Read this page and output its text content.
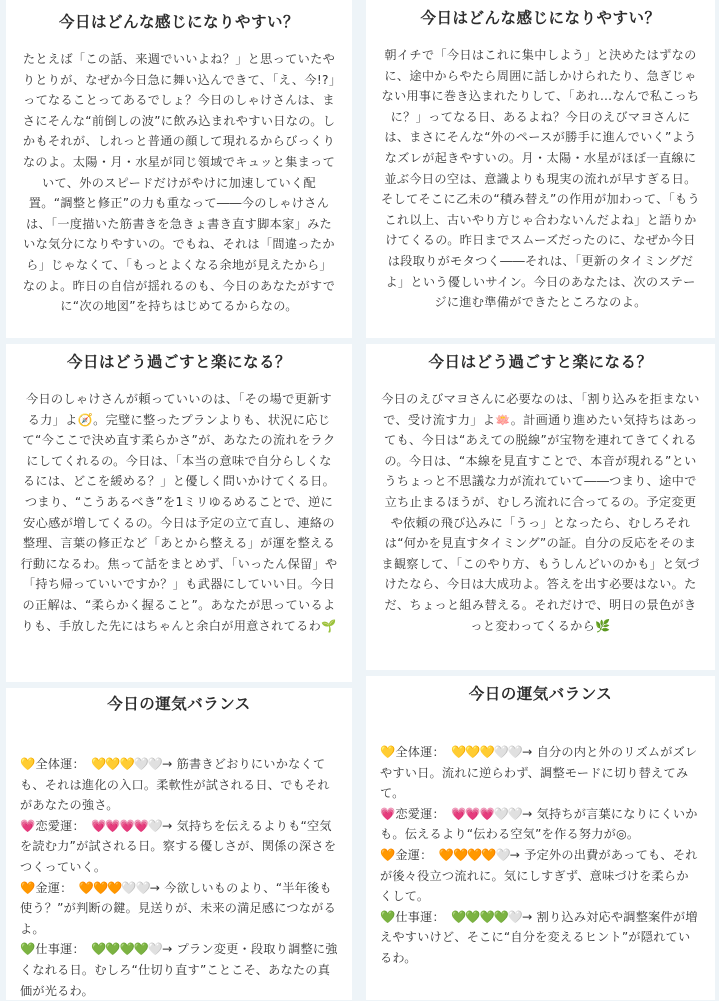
今日はどんな感じになりやすい？

たとえば「この話、来週でいいよね？」と思っていたやりとりが、なぜか今日急に舞い込んできて、「え、今!?」ってなることってあるでしょ？今日のしゃけさんは、まさにそんな“前倒しの波”に飲み込まれやすい日なの。しかもそれが、しれっと普通の顔して現れるからびっくりなのよ。太陽・月・水星が同じ領域でキュッと集まっていて、外のスピードだけがやけに加速していく配置。“調整と修正”の力も重なって――今のしゃけさんは、「一度描いた筋書きを急きょ書き直す脚本家」みたいな気分になりやすいの。でもね、それは「間違ったから」じゃなくて、「もっとよくなる余地が見えたから」なのよ。昨日の自信が揺れるのも、今日のあなたがすでに“次の地図”を持ちはじめてるからなの。

今日はどう過ごすと楽になる？

今日のしゃけさんが頼っていいのは、「その場で更新する力」よ🧭。完璧に整ったプランよりも、状況に応じて“今ここで決め直す柔らかさ”が、あなたの流れをラクにしてくれるの。今日は、「本当の意味で自分らしくなるには、どこを緩める？」と優しく問いかけてくる日。つまり、“こうあるべき”を1ミリゆるめることで、逆に安心感が増してくるの。今日は予定の立て直し、連絡の整理、言葉の修正など「あとから整える」が運を整える行動になるわ。焦って話をまとめず、「いったん保留」や「持ち帰っていいですか？」も武器にしていい日。今日の正解は、“柔らかく握ること”。あなたが思っているよりも、手放した先にはちゃんと余白が用意されてるわ🌱

今日の運気バランス
💛全体運：　 💛💛💛🤍🤍→ 筋書きどおりにいかなくても、それは進化の入口。柔軟性が試される日、でもそれがあなたの強さ。
💗恋愛運：　 💗💗💗💗🤍→ 気持ちを伝えるよりも“空気を読む力”が試される日。察する優しさが、関係の深さをつくっていく。
🧡金運：　 🧡🧡🧡🤍🤍→ 今欲しいものより、“半年後も使う？”が判断の鍵。見送りが、未来の満足感につながるよ。
💚仕事運：　 💚💚💚💚🤍→ プラン変更・段取り調整に強くなれる日。むしろ“仕切り直す”ことこそ、あなたの真価が光るわ。
今日はどんな感じになりやすい？

朝イチで「今日はこれに集中しよう」と決めたはずなのに、途中からやたら周囲に話しかけられたり、急ぎじゃない用事に巻き込まれたりして、「あれ…なんで私こっちに？」ってなる日、あるよね？今日のえびマヨさんには、まさにそんな“外のペースが勝手に進んでいく”ようなズレが起きやすいの。月・太陽・水星がほぼ一直線に並ぶ今日の空は、意識よりも現実の流れが早すぎる日。そしてそこに乙未の“積み替え”の作用が加わって、「もうこれ以上、古いやり方じゃ合わないんだよね」と語りかけてくるの。昨日までスムーズだったのに、なぜか今日は段取りがモタつく――それは、「更新のタイミングだよ」という優しいサイン。今日のあなたは、次のステージに進む準備ができたところなのよ。

今日はどう過ごすと楽になる？

今日のえびマヨさんに必要なのは、「割り込みを拒まないで、受け流す力」よ🪷。計画通り進めたい気持ちはあっても、今日は“あえての脱線”が宝物を連れてきてくれるの。今日は、“本線を見直すことで、本音が現れる”というちょっと不思議な力が流れていて――つまり、途中で立ち止まるほうが、むしろ流れに合ってるの。予定変更や依頼の飛び込みに「うっ」となったら、むしろそれは“何かを見直すタイミング”の証。自分の反応をそのまま観察して、「このやり方、もうしんどいのかも」と気づけたなら、今日は大成功よ。答えを出す必要はない。ただ、ちょっと組み替える。それだけで、明日の景色がきっと変わってくるから🌿

今日の運気バランス
💛全体運：　 💛💛💛🤍🤍→ 自分の内と外のリズムがズレやすい日。流れに逆らわず、調整モードに切り替えてみて。
💗恋愛運：　 💗💗💗🤍🤍→ 気持ちが言葉になりにくいかも。伝えるより“伝わる空気”を作る努力が◎。
🧡金運：　 🧡🧡🧡🧡🤍→ 予定外の出費があっても、それが後々役立つ流れに。気にしすぎず、意味づけを柔らかくして。
💚仕事運：　 💚💚💚💚🤍→ 割り込み対応や調整案件が増えやすいけど、そこに“自分を変えるヒント”が隠れているわ。
